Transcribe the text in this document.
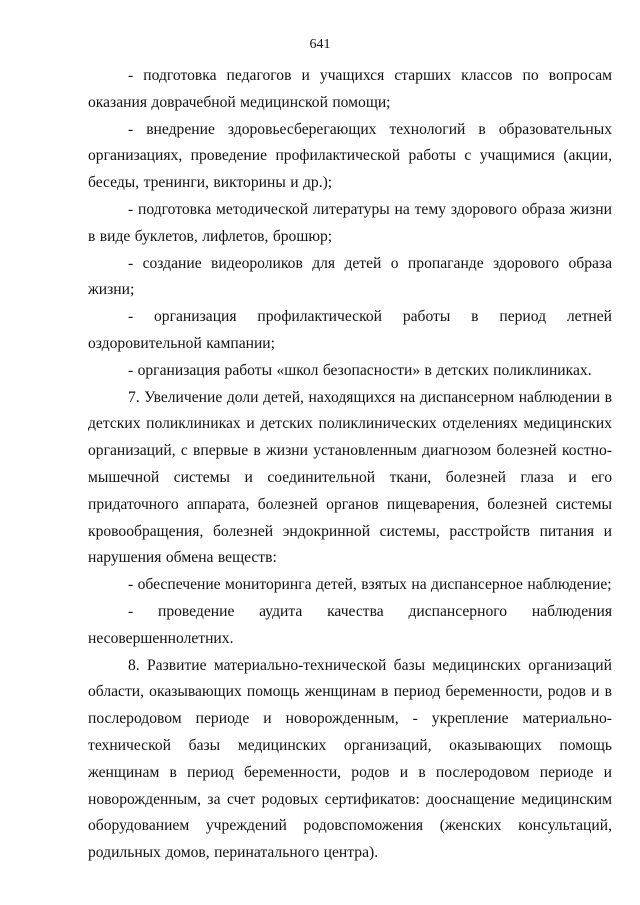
641

- подготовка педагогов и учащихся старших классов по вопросам оказания доврачебной медицинской помощи;

- внедрение здоровьесберегающих технологий в образовательных организациях, проведение профилактической работы с учащимися (акции, беседы, тренинги, викторины и др.);

- подготовка методической литературы на тему здорового образа жизни в виде буклетов, лифлетов, брошюр;

- создание видеороликов для детей о пропаганде здорового образа жизни;

- организация профилактической работы в период летней оздоровительной кампании;

- организация работы «школ безопасности» в детских поликлиниках.

7. Увеличение доли детей, находящихся на диспансерном наблюдении в детских поликлиниках и детских поликлинических отделениях медицинских организаций, с впервые в жизни установленным диагнозом болезней костно-мышечной системы и соединительной ткани, болезней глаза и его придаточного аппарата, болезней органов пищеварения, болезней системы кровообращения, болезней эндокринной системы, расстройств питания и нарушения обмена веществ:

- обеспечение мониторинга детей, взятых на диспансерное наблюдение;

- проведение аудита качества диспансерного наблюдения несовершеннолетних.

8. Развитие материально-технической базы медицинских организаций области, оказывающих помощь женщинам в период беременности, родов и в послеродовом периоде и новорожденным, - укрепление материально-технической базы медицинских организаций, оказывающих помощь женщинам в период беременности, родов и в послеродовом периоде и новорожденным, за счет родовых сертификатов: дооснащение медицинским оборудованием учреждений родовспоможения (женских консультаций, родильных домов, перинатального центра).
